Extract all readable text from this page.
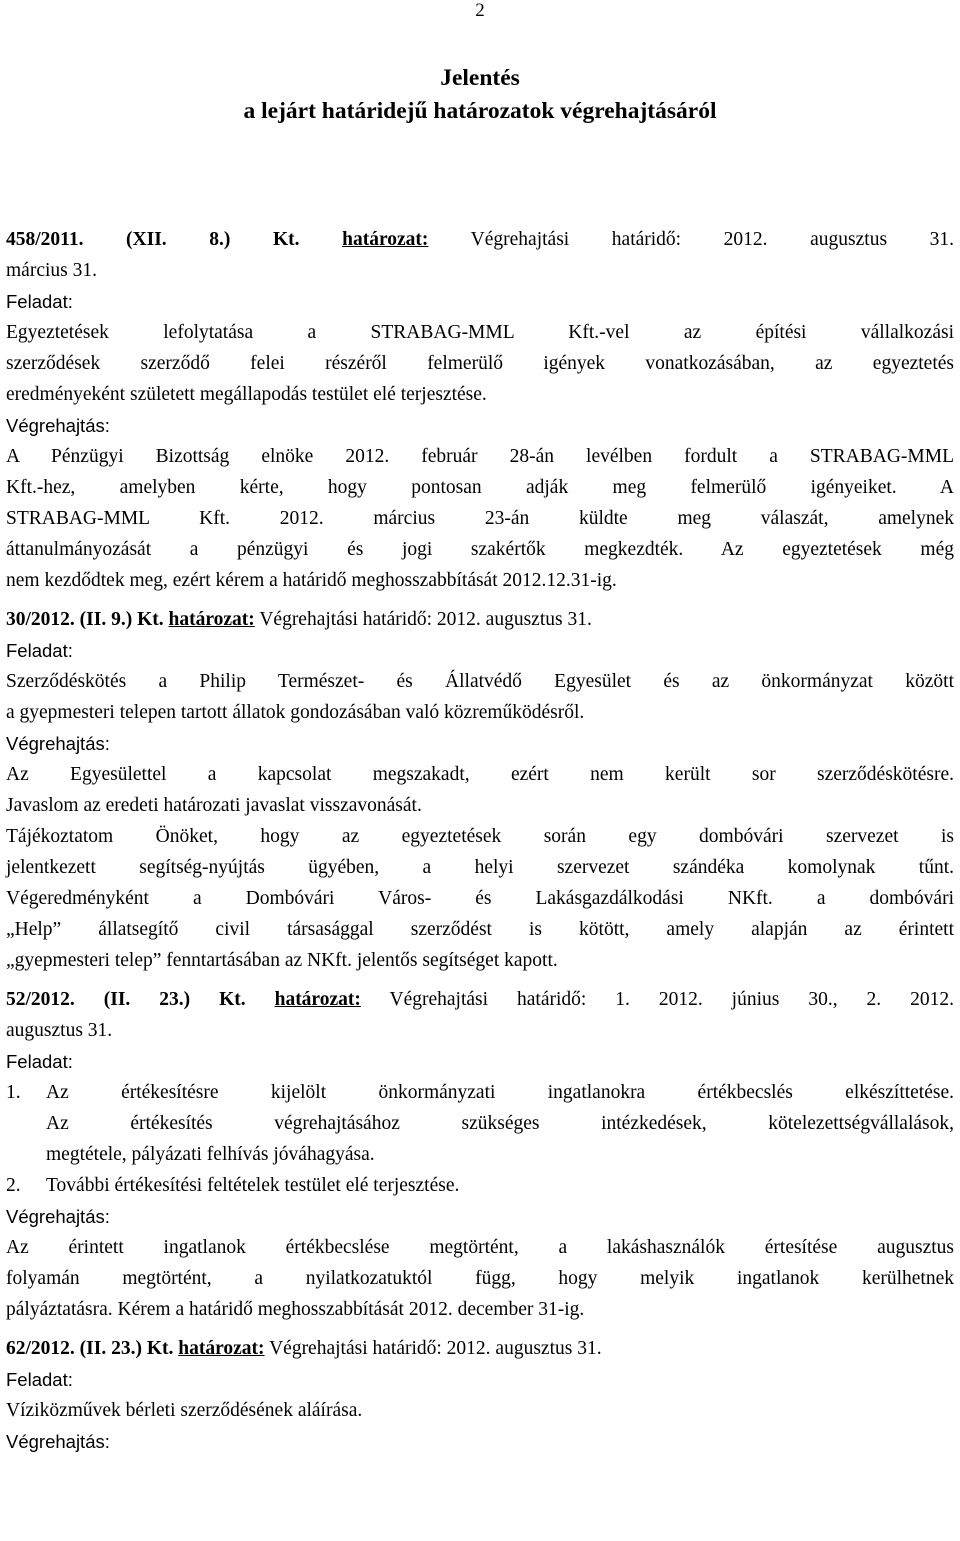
2
Jelentés
a lejárt határidejű határozatok végrehajtásáról
458/2011. (XII. 8.) Kt. határozat: Végrehajtási határidő: 2012. augusztus 31.
március 31.
Feladat:
Egyeztetések lefolytatása a STRABAG-MML Kft.-vel az építési vállalkozási
szerződések szerződő felei részéről felmerülő igények vonatkozásában, az egyeztetés
eredményeként született megállapodás testület elé terjesztése.
Végrehajtás:
A Pénzügyi Bizottság elnöke 2012. február 28-án levélben fordult a STRABAG-MML
Kft.-hez, amelyben kérte, hogy pontosan adják meg felmerülő igényeiket. A
STRABAG-MML Kft. 2012. március 23-án küldte meg válaszát, amelynek
áttanulmányozását a pénzügyi és jogi szakértők megkezdték. Az egyeztetések még
nem kezdődtek meg, ezért kérem a határidő meghosszabbítását 2012.12.31-ig.
30/2012. (II. 9.) Kt. határozat: Végrehajtási határidő: 2012. augusztus 31.
Feladat:
Szerződéskötés a Philip Természet- és Állatvédő Egyesület és az önkormányzat között
a gyepmesteri telepen tartott állatok gondozásában való közreműködésről.
Végrehajtás:
Az Egyesülettel a kapcsolat megszakadt, ezért nem került sor szerződéskötésre.
Javaslom az eredeti határozati javaslat visszavonását.
Tájékoztatom Önöket, hogy az egyeztetések során egy dombóvári szervezet is
jelentkezett segítség-nyújtás ügyében, a helyi szervezet szándéka komolynak tűnt.
Végeredményként a Dombóvári Város- és Lakásgazdálkodási NKft. a dombóvári
„Help” állatsegítő civil társasággal szerződést is kötött, amely alapján az érintett
„gyepmesteri telep” fenntartásában az NKft. jelentős segítséget kapott.
52/2012. (II. 23.) Kt. határozat: Végrehajtási határidő: 1. 2012. június 30., 2. 2012.
augusztus 31.
Feladat:
1.	Az értékesítésre kijelölt önkormányzati ingatlanokra értékbecslés elkészíttetése.
Az értékesítés végrehajtásához szükséges intézkedések, kötelezettségvállalások,
megtétele, pályázati felhívás jóváhagyása.
2.	További értékesítési feltételek testület elé terjesztése.
Végrehajtás:
Az érintett ingatlanok értékbecslése megtörtént, a lakáshasználók értesítése augusztus
folyamán megtörtént, a nyilatkozatuktól függ, hogy melyik ingatlanok kerülhetnek
pályáztatásra. Kérem a határidő meghosszabbítását 2012. december 31-ig.
62/2012. (II. 23.) Kt. határozat: Végrehajtási határidő: 2012. augusztus 31.
Feladat:
Víziközművek bérleti szerződésének aláírása.
Végrehajtás:
